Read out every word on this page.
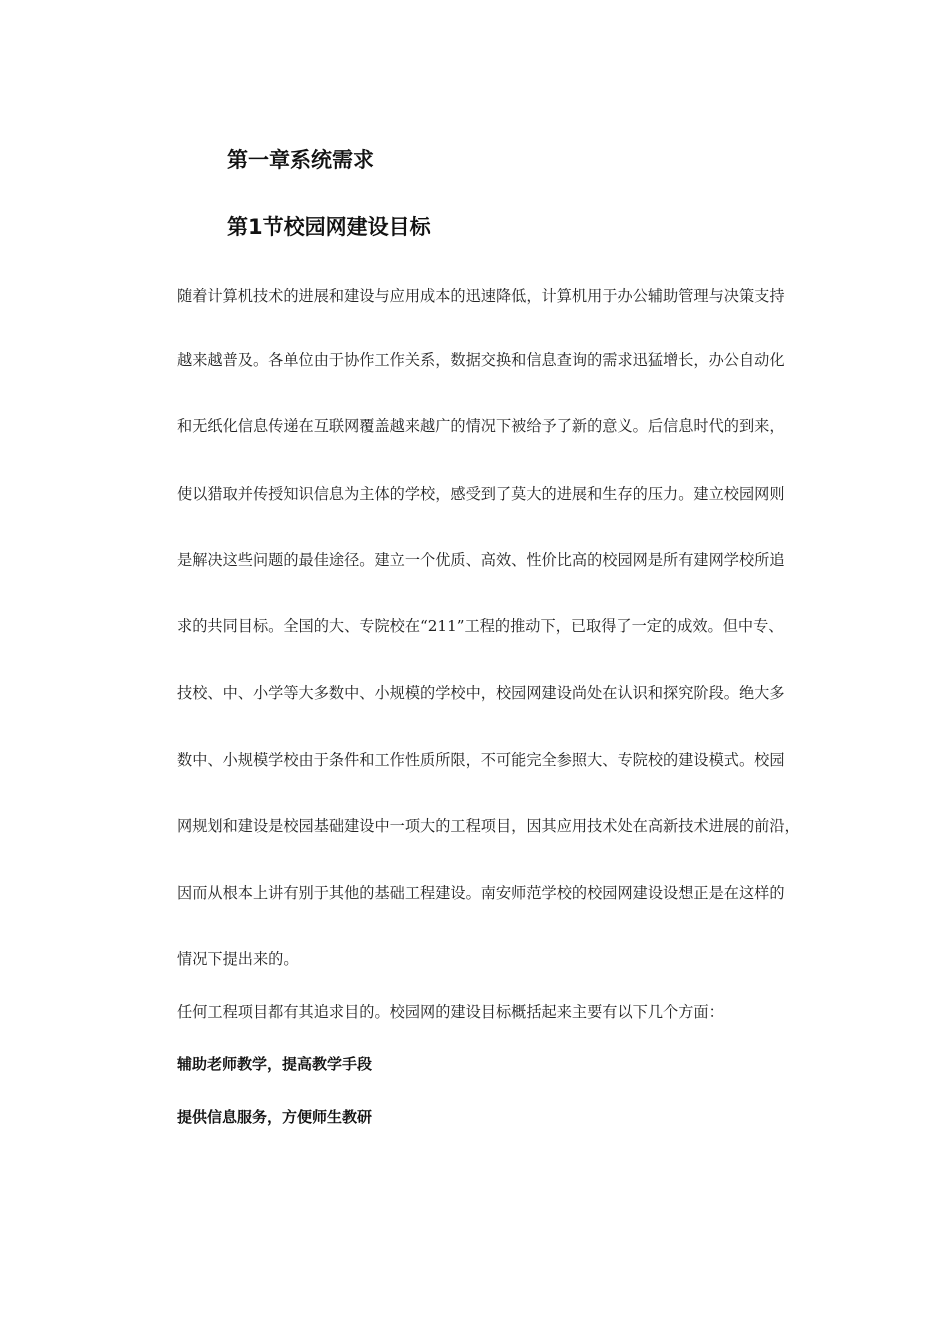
第一章系统需求
第1节校园网建设目标
随着计算机技术的进展和建设与应用成本的迅速降低，计算机用于办公辅助管理与决策支持
越来越普及。各单位由于协作工作关系，数据交换和信息查询的需求迅猛增长，办公自动化
和无纸化信息传递在互联网覆盖越来越广的情况下被给予了新的意义。后信息时代的到来，
使以猎取并传授知识信息为主体的学校，感受到了莫大的进展和生存的压力。建立校园网则
是解决这些问题的最佳途径。建立一个优质、高效、性价比高的校园网是所有建网学校所追
求的共同目标。全国的大、专院校在“211”工程的推动下，已取得了一定的成效。但中专、
技校、中、小学等大多数中、小规模的学校中，校园网建设尚处在认识和探究阶段。绝大多
数中、小规模学校由于条件和工作性质所限，不可能完全参照大、专院校的建设模式。校园
网规划和建设是校园基础建设中一项大的工程项目，因其应用技术处在高新技术进展的前沿，
因而从根本上讲有别于其他的基础工程建设。南安师范学校的校园网建设设想正是在这样的
情况下提出来的。
任何工程项目都有其追求目的。校园网的建设目标概括起来主要有以下几个方面：
辅助老师教学，提高教学手段
提供信息服务，方便师生教研
